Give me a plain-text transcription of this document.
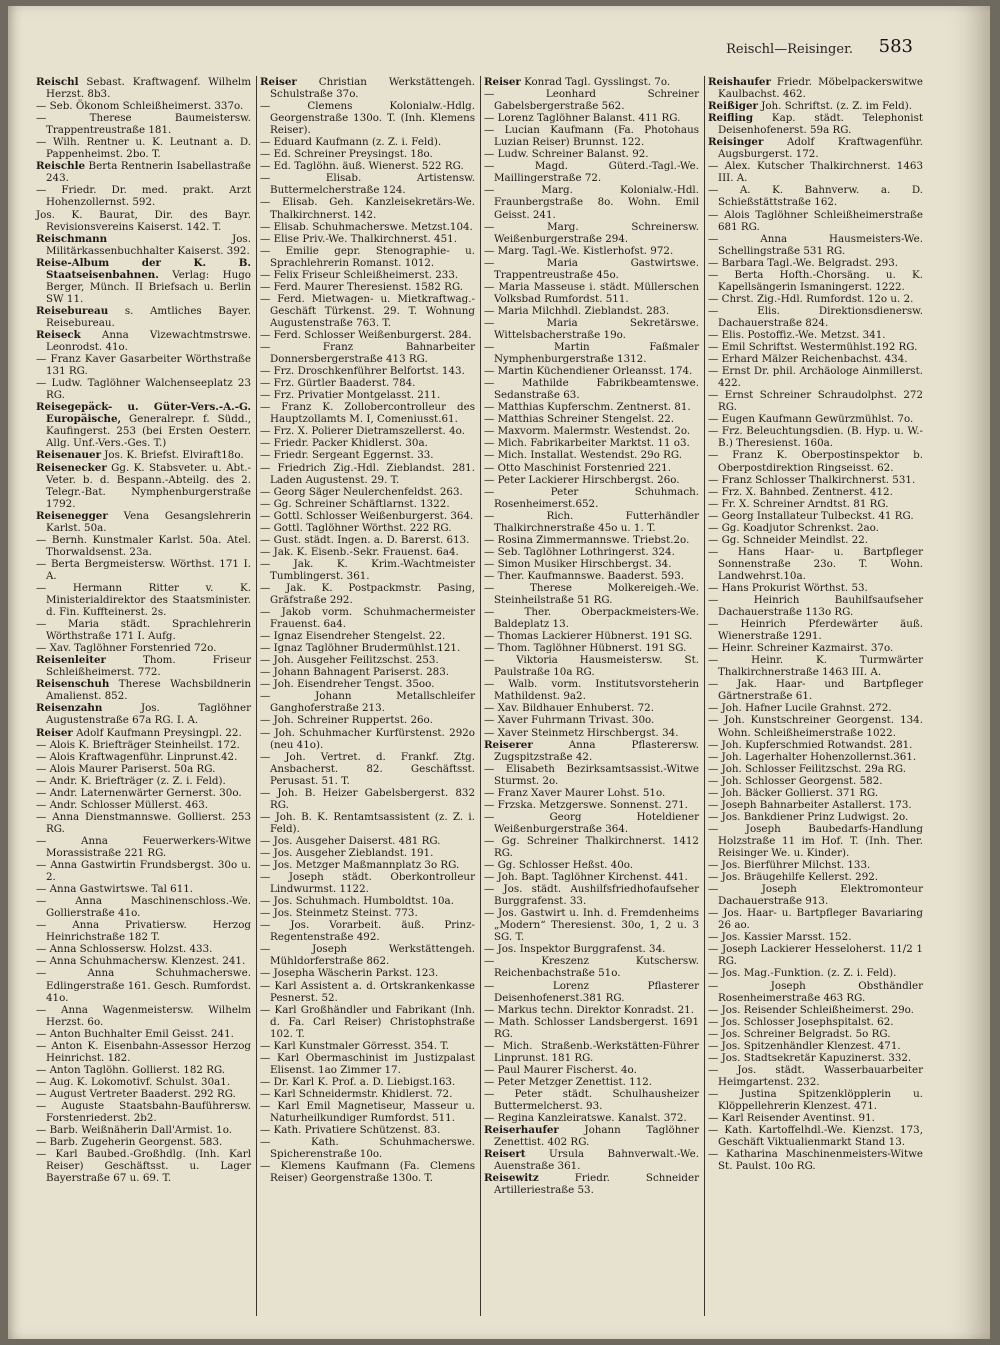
Reischl—Reisinger. 583

Reischl Sebast. Kraftwagenf. Wilhelm Herzst. 8b3.

— Seb. Ökonom Schleißheimerst. 337o.

— Therese Baumeistersw. Trappentreustraße 181.

— Wilh. Rentner u. K. Leutnant a. D. Pappenheimst. 2bo. T.

Reischle Berta Rentnerin Isabellastraße 243.

— Friedr. Dr. med. prakt. Arzt Hohenzollernst. 592.

Jos. K. Baurat, Dir. des Bayr. Revisionsvereins Kaiserst. 142. T.

Reischmann Jos. Militärkassenbuchhalter Kaiserst. 392.

Reise-Album der K. B. Staatseisenbahnen. Verlag: Hugo Berger, Münch. II Briefsach u. Berlin SW 11.

Reisebureau s. Amtliches Bayer. Reisebureau.

Reiseck Anna Vizewachtmstrswe. Leonrodst. 41o.

— Franz Kaver Gasarbeiter Wörthstraße 131 RG.

— Ludw. Taglöhner Walchenseeplatz 23 RG.

Reisegepäck- u. Güter-Vers.-A.-G. Europäische, Generalrepr. f. Südd., Kaufingerst. 253 (bei Ersten Oesterr. Allg. Unf.-Vers.-Ges. T.)

Reisenauer Jos. K. Briefst. Elviraft18o.

Reisenecker Gg. K. Stabsveter. u. Abt.-Veter. b. d. Bespann.-Abteilg. des 2. Telegr.-Bat. Nymphenburgerstraße 1792.

Reisenegger Vena Gesangslehrerin Karlst. 50a.

— Bernh. Kunstmaler Karlst. 50a. Atel. Thorwaldsenst. 23a.

— Berta Bergmeistersw. Wörthst. 171 I. A.

— Hermann Ritter v. K. Ministerialdirektor des Staatsminister. d. Fin. Kuffteinerst. 2s.

— Maria städt. Sprachlehrerin Wörthstraße 171 I. Aufg.

— Xav. Taglöhner Forstenried 72o.

Reisenleiter Thom. Friseur Schleißheimerst. 772.

Reisenschuh Therese Wachsbildnerin Amalienst. 852.

Reisenzahn Jos. Taglöhner Augustenstraße 67a RG. I. A.

Reiser Adolf Kaufmann Preysingpl. 22.

— Alois K. Briefträger Steinheilst. 172.

— Alois Kraftwagenführ. Linprunst.42.

— Alois Maurer Pariserst. 50a RG.

— Andr. K. Briefträger (z. Z. i. Feld).

— Andr. Laternenwärter Gernerst. 30o.

— Andr. Schlosser Müllerst. 463.

— Anna Dienstmannswe. Gollierst. 253 RG.

— Anna Feuerwerkers-Witwe Morassistraße 221 RG.

— Anna Gastwirtin Frundsbergst. 30o u. 2.

— Anna Gastwirtswe. Tal 611.

— Anna Maschinenschloss.-We. Gollierstraße 41o.

— Anna Privatiersw. Herzog Heinrichstraße 182 T.

— Anna Schlossersw. Holzst. 433.

— Anna Schuhmachersw. Klenzest. 241.

— Anna Schuhmacherswe. Edlingerstraße 161. Gesch. Rumfordst. 41o.

— Anna Wagenmeistersw. Wilhelm Herzst. 6o.

— Anton Buchhalter Emil Geisst. 241.

— Anton K. Eisenbahn-Assessor Herzog Heinrichst. 182.

— Anton Taglöhn. Gollierst. 182 RG.

— Aug. K. Lokomotivf. Schulst. 30a1.

— August Vertreter Baaderst. 292 RG.

— Auguste Staatsbahn-Bauführersw. Forstenriederst. 2b2.

— Barb. Weißnäherin Dall'Armist. 1o.

— Barb. Zugeherin Georgenst. 583.

— Karl Baubed.-Großhdlg. (Inh. Karl Reiser) Geschäftsst. u. Lager Bayerstraße 67 u. 69. T.

Reiser Christian Werkstättengeh. Schulstraße 37o.

— Clemens Kolonialw.-Hdlg. Georgenstraße 130o. T. (Inh. Klemens Reiser).

— Eduard Kaufmann (z. Z. i. Feld).

— Ed. Schreiner Preysingst. 18o.

— Ed. Taglöhn. äuß. Wienerst. 522 RG.

— Elisab. Artistensw. Buttermelcherstraße 124.

— Elisab. Geh. Kanzleisekretärs-We. Thalkirchnerst. 142.

— Elisab. Schuhmacherswe. Metzst.104.

— Elise Priv.-We. Thalkirchnerst. 451.

— Emilie gepr. Stenographie- u. Sprachlehrerin Romanst. 1012.

— Felix Friseur Schleißheimerst. 233.

— Ferd. Maurer Theresienst. 1582 RG.

— Ferd. Mietwagen- u. Mietkraftwag.-Geschäft Türkenst. 29. T. Wohnung Augustenstraße 763. T.

— Ferd. Schlosser Weißenburgerst. 284.

— Franz Bahnarbeiter Donnersbergerstraße 413 RG.

— Frz. Droschkenführer Belfortst. 143.

— Frz. Gürtler Baaderst. 784.

— Frz. Privatier Montgelasst. 211.

— Franz K. Zollobercontrolleur des Hauptzollamts M. I, Comeniusst.61.

— Frz. X. Polierer Dietramszellerst. 4o.

— Friedr. Packer Khidlerst. 30a.

— Friedr. Sergeant Eggernst. 33.

— Friedrich Zig.-Hdl. Zieblandst. 281. Laden Augustenst. 29. T.

— Georg Säger Neulerchenfeldst. 263.

— Gg. Schreiner Schäftlarnst. 1322.

— Gottl. Schlosser Weißenburgerst. 364.

— Gottl. Taglöhner Wörthst. 222 RG.

— Gust. städt. Ingen. a. D. Barerst. 613.

— Jak. K. Eisenb.-Sekr. Frauenst. 6a4.

— Jak. K. Krim.-Wachtmeister Tumblingerst. 361.

— Jak. K. Postpackmstr. Pasing, Gräfstraße 292.

— Jakob vorm. Schuhmachermeister Frauenst. 6a4.

— Ignaz Eisendreher Stengelst. 22.

— Ignaz Taglöhner Brudermühlst.121.

— Joh. Ausgeher Feilitzschst. 253.

— Johann Bahnagent Pariserst. 283.

— Joh. Eisendreher Tengst. 35oo.

— Johann Metallschleifer Ganghoferstraße 213.

— Joh. Schreiner Ruppertst. 26o.

— Joh. Schuhmacher Kurfürstenst. 292o (neu 41o).

— Joh. Vertret. d. Frankf. Ztg. Ansbacherst. 82. Geschäftsst. Perusast. 51. T.

— Joh. B. Heizer Gabelsbergerst. 832 RG.

— Joh. B. K. Rentamtsassistent (z. Z. i. Feld).

— Jos. Ausgeher Daiserst. 481 RG.

— Jos. Ausgeher Zieblandst. 191.

— Jos. Metzger Maßmannplatz 3o RG.

— Joseph städt. Oberkontrolleur Lindwurmst. 1122.

— Jos. Schuhmach. Humboldtst. 10a.

— Jos. Steinmetz Steinst. 773.

— Jos. Vorarbeit. äuß. Prinz-Regentenstraße 492.

— Joseph Werkstättengeh. Mühldorferstraße 862.

— Josepha Wäscherin Parkst. 123.

— Karl Assistent a. d. Ortskrankenkasse Pesnerst. 52.

— Karl Großhändler und Fabrikant (Inh. d. Fa. Carl Reiser) Christophstraße 102. T.

— Karl Kunstmaler Görresst. 354. T.

— Karl Obermaschinist im Justizpalast Elisenst. 1ao Zimmer 17.

— Dr. Karl K. Prof. a. D. Liebigst.163.

— Karl Schneidermstr. Khidlerst. 72.

— Karl Emil Magnetiseur, Masseur u. Naturheilkundiger Rumfordst. 511.

— Kath. Privatiere Schützenst. 83.

— Kath. Schuhmacherswe. Spicherenstraße 10o.

— Klemens Kaufmann (Fa. Clemens Reiser) Georgenstraße 130o. T.

Reiser Konrad Tagl. Gysslingst. 7o.

— Leonhard Schreiner Gabelsbergerstraße 562.

— Lorenz Taglöhner Balanst. 411 RG.

— Lucian Kaufmann (Fa. Photohaus Luzian Reiser) Brunnst. 122.

— Ludw. Schreiner Balanst. 92.

— Magd. Güterd.-Tagl.-We. Maillingerstraße 72.

— Marg. Kolonialw.-Hdl. Fraunbergstraße 8o. Wohn. Emil Geisst. 241.

— Marg. Schreinersw. Weißenburgerstraße 294.

— Marg. Tagl.-We. Kistlerhofst. 972.

— Maria Gastwirtswe. Trappentreustraße 45o.

— Maria Masseuse i. städt. Müllerschen Volksbad Rumfordst. 511.

— Maria Milchhdl. Zieblandst. 283.

— Maria Sekretärswe. Wittelsbacherstraße 19o.

— Martin Faßmaler Nymphenburgerstraße 1312.

— Martin Küchendiener Orleansst. 174.

— Mathilde Fabrikbeamtenswe. Sedanstraße 63.

— Matthias Kupferschm. Zentnerst. 81.

— Matthias Schreiner Stengelst. 22.

— Maxvorm. Malermstr. Westendst. 2o.

— Mich. Fabrikarbeiter Marktst. 11 o3.

— Mich. Installat. Westendst. 29o RG.

— Otto Maschinist Forstenried 221.

— Peter Lackierer Hirschbergst. 26o.

— Peter Schuhmach. Rosenheimerst.652.

— Rich. Futterhändler Thalkirchnerstraße 45o u. 1. T.

— Rosina Zimmermannswe. Triebst.2o.

— Seb. Taglöhner Lothringerst. 324.

— Simon Musiker Hirschbergst. 34.

— Ther. Kaufmannswe. Baaderst. 593.

— Therese Molkereigeh.-We. Steinheilstraße 51 RG.

— Ther. Oberpackmeisters-We. Baldeplatz 13.

— Thomas Lackierer Hübnerst. 191 SG.

— Thom. Taglöhner Hübnerst. 191 SG.

— Viktoria Hausmeistersw. St. Paulstraße 10a RG.

— Walb. vorm. Institutsvorsteherin Mathildenst. 9a2.

— Xav. Bildhauer Enhuberst. 72.

— Xaver Fuhrmann Trivast. 30o.

— Xaver Steinmetz Hirschbergst. 34.

Reiserer Anna Pflasterersw. Zugspitzstraße 42.

— Elisabeth Bezirksamtsassist.-Witwe Sturmst. 2o.

— Franz Xaver Maurer Lohst. 51o.

— Frzska. Metzgerswe. Sonnenst. 271.

— Georg Hoteldiener Weißenburgerstraße 364.

— Gg. Schreiner Thalkirchnerst. 1412 RG.

— Gg. Schlosser Heßst. 40o.

— Joh. Bapt. Taglöhner Kirchenst. 441.

— Jos. städt. Aushilfsfriedhofaufseher Burggrafenst. 33.

— Jos. Gastwirt u. Inh. d. Fremdenheims „Modern“ Theresienst. 30o, 1, 2 u. 3 SG. T.

— Jos. Inspektor Burggrafenst. 34.

— Kreszenz Kutschersw. Reichenbachstraße 51o.

— Lorenz Pflasterer Deisenhofenerst.381 RG.

— Markus techn. Direktor Konradst. 21.

— Math. Schlosser Landsbergerst. 1691 RG.

— Mich. Straßenb.-Werkstätten-Führer Linprunst. 181 RG.

— Paul Maurer Fischerst. 4o.

— Peter Metzger Zenettist. 112.

— Peter städt. Schulhausheizer Buttermelcherst. 93.

— Regina Kanzleiratswe. Kanalst. 372.

Reiserhaufer Johann Taglöhner Zenettist. 402 RG.

Reisert Ursula Bahnverwalt.-We. Auenstraße 361.

Reisewitz Friedr. Schneider Artilleriestraße 53.

Reishaufer Friedr. Möbelpackerswitwe Kaulbachst. 462.

Reißiger Joh. Schriftst. (z. Z. im Feld).

Reifling Kap. städt. Telephonist Deisenhofenerst. 59a RG.

Reisinger Adolf Kraftwagenführ. Augsburgerst. 172.

— Alex. Kutscher Thalkirchnerst. 1463 III. A.

— A. K. Bahnverw. a. D. Schießstättstraße 162.

— Alois Taglöhner Schleißheimerstraße 681 RG.

— Anna Hausmeisters-We. Schellingstraße 531 RG.

— Barbara Tagl.-We. Belgradst. 293.

— Berta Hofth.-Chorsäng. u. K. Kapellsängerin Ismaningerst. 1222.

— Chrst. Zig.-Hdl. Rumfordst. 12o u. 2.

— Elis. Direktionsdienersw. Dachauerstraße 824.

— Elis. Postoffiz.-We. Metzst. 341.

— Emil Schriftst. Westermühlst.192 RG.

— Erhard Mälzer Reichenbachst. 434.

— Ernst Dr. phil. Archäologe Ainmillerst. 422.

— Ernst Schreiner Schraudolphst. 272 RG.

— Eugen Kaufmann Gewürzmühlst. 7o.

— Frz. Beleuchtungsdien. (B. Hyp. u. W.-B.) Theresienst. 160a.

— Franz K. Oberpostinspektor b. Oberpostdirektion Ringseisst. 62.

— Franz Schlosser Thalkirchnerst. 531.

— Frz. X. Bahnbed. Zentnerst. 412.

— Fr. X. Schreiner Arndtst. 81 RG.

— Georg Installateur Tulbeckst. 41 RG.

— Gg. Koadjutor Schrenkst. 2ao.

— Gg. Schneider Meindlst. 22.

— Hans Haar- u. Bartpfleger Sonnenstraße 23o. T. Wohn. Landwehrst.10a.

— Hans Prokurist Wörthst. 53.

— Heinrich Bauhilfsaufseher Dachauerstraße 113o RG.

— Heinrich Pferdewärter äuß. Wienerstraße 1291.

— Heinr. Schreiner Kazmairst. 37o.

— Heinr. K. Turmwärter Thalkirchnerstraße 1463 III. A.

— Jak. Haar- und Bartpfleger Gärtnerstraße 61.

— Joh. Hafner Lucile Grahnst. 272.

— Joh. Kunstschreiner Georgenst. 134. Wohn. Schleißheimerstraße 1022.

— Joh. Kupferschmied Rotwandst. 281.

— Joh. Lagerhalter Hohenzollernst.361.

— Joh. Schlosser Feilitzschst. 29a RG.

— Joh. Schlosser Georgenst. 582.

— Joh. Bäcker Gollierst. 371 RG.

— Joseph Bahnarbeiter Astallerst. 173.

— Jos. Bankdiener Prinz Ludwigst. 2o.

— Joseph Baubedarfs-Handlung Holzstraße 11 im Hof. T. (Inh. Ther. Reisinger We. u. Kinder).

— Jos. Bierführer Milchst. 133.

— Jos. Bräugehilfe Kellerst. 292.

— Joseph Elektromonteur Dachauerstraße 913.

— Jos. Haar- u. Bartpfleger Bavariaring 26 ao.

— Jos. Kassier Marsst. 152.

— Joseph Lackierer Hesseloherst. 11/2 1 RG.

— Jos. Mag.-Funktion. (z. Z. i. Feld).

— Joseph Obsthändler Rosenheimerstraße 463 RG.

— Jos. Reisender Schleißheimerst. 29o.

— Jos. Schlosser Josephspitalst. 62.

— Jos. Schreiner Belgradst. 5o RG.

— Jos. Spitzenhändler Klenzest. 471.

— Jos. Stadtsekretär Kapuzinerst. 332.

— Jos. städt. Wasserbauarbeiter Heimgartenst. 232.

— Justina Spitzenklöpplerin u. Klöppellehrerin Klenzest. 471.

— Karl Reisender Aventinst. 91.

— Kath. Kartoffelhdl.-We. Kienzst. 173, Geschäft Viktualienmarkt Stand 13.

— Katharina Maschinenmeisters-Witwe St. Paulst. 10o RG.
